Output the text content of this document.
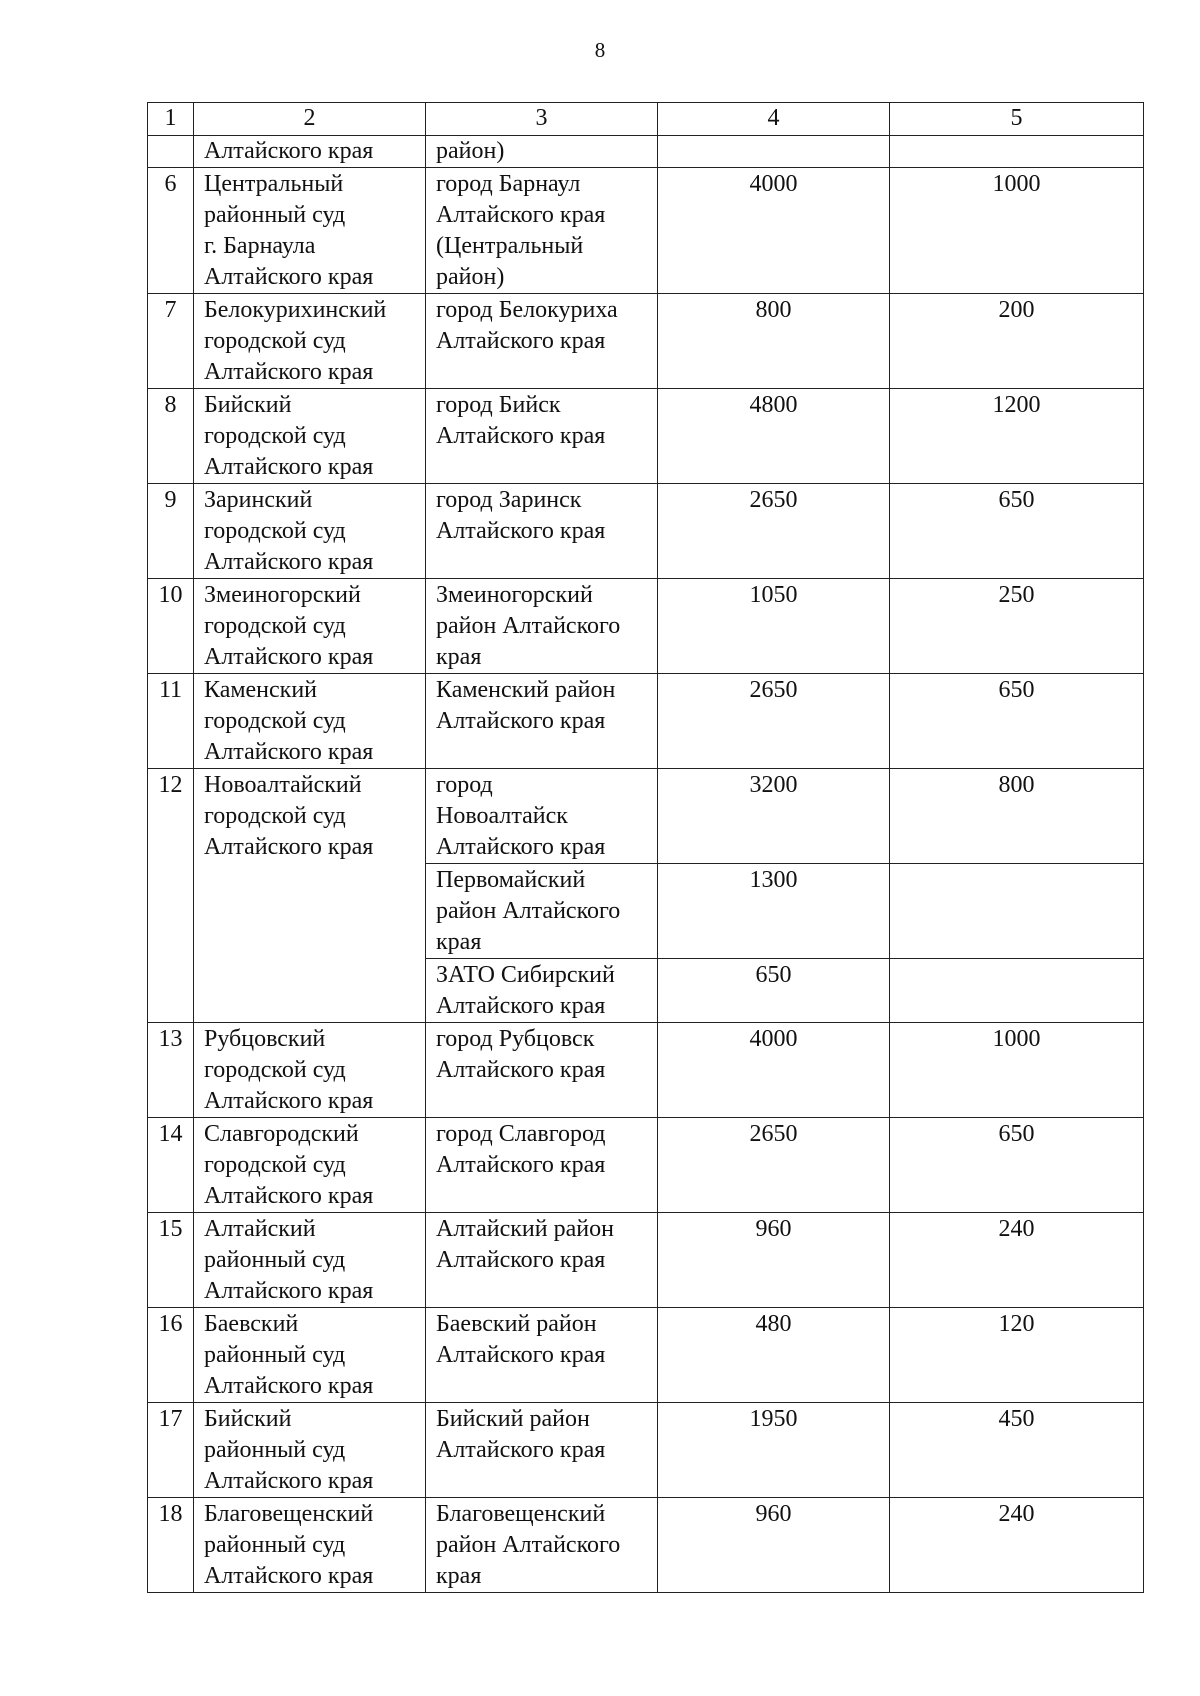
8
1	2	3	4	5

	Алтайского края	район)		

6	Центральный
районный суд
г. Барнаула
Алтайского края	город Барнаул
Алтайского края
(Центральный
район)	4000	1000
7	Белокурихинский
городской суд
Алтайского края	город Белокуриха
Алтайского края	800	200
8	Бийский
городской суд
Алтайского края	город Бийск
Алтайского края	4800	1200
9	Заринский
городской суд
Алтайского края	город Заринск
Алтайского края	2650	650
10	Змеиногорский
городской суд
Алтайского края	Змеиногорский
район Алтайского
края	1050	250
11	Каменский
городской суд
Алтайского края	Каменский район
Алтайского края	2650	650
12	Новоалтайский
городской суд
Алтайского края	город
Новоалтайск
Алтайского края	3200	800

		Первомайский
район Алтайского
края	1300	

		ЗАТО Сибирский
Алтайского края	650	
13	Рубцовский
городской суд
Алтайского края	город Рубцовск
Алтайского края	4000	1000
14	Славгородский
городской суд
Алтайского края	город Славгород
Алтайского края	2650	650
15	Алтайский
районный суд
Алтайского края	Алтайский район
Алтайского края	960	240
16	Баевский
районный суд
Алтайского края	Баевский район
Алтайского края	480	120
17	Бийский
районный суд
Алтайского края	Бийский район
Алтайского края	1950	450
18	Благовещенский
районный суд
Алтайского края	Благовещенский
район Алтайского
края	960	240
